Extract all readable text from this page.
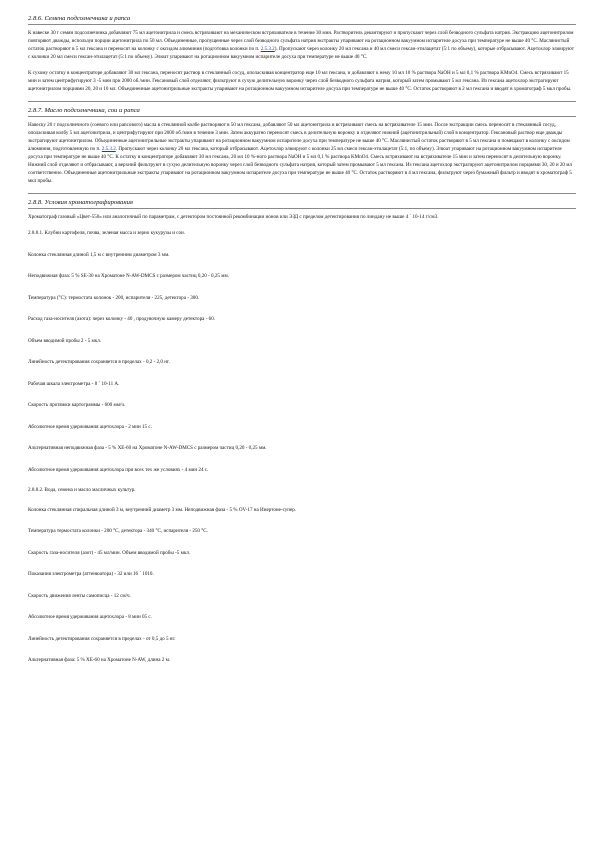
2.8.6. Семена подсолнечника и рапса

К навеске 30 г семян подсолнечника добавляют 75 мл ацетонитрила и смесь встряхивают на механическом встряхивателе в течение 30 мин. Растворитель декантируют и пропускают через слой безводного сульфата натрия. Экстракцию ацетонитрилом повторяют дважды, используя порции ацетонитрила по 50 мл. Объединенные, пропущенные через слой безводного сульфата натрия экстракты упаривают на ротационном вакуумном испарителе досуха при температуре не выше 40 °C. Маслянистый остаток растворяют в 5 мл гексана и переносят на колонку с оксидом алюминия (подготовка колонки по п. 2.5.3.2). Пропускают через колонку 20 мл гексана и 40 мл смеси гексан-этилацетат (5:1 по объему), которые отбрасывают. Ацетохлор элюируют с колонки 20 мл смеси гексан-этилацетат (5:1 по объему). Элюат упаривают на ротационном вакуумном испарителе досуха при температуре не выше 40 °C.

К сухому остатку в концентраторе добавляют 30 мл гексана, переносят раствор в стеклянный сосуд, ополаскивая концентратор еще 10 мл гексана, и добавляют к нему 10 мл 10 % раствора NaOH и 5 мл 0,1 % раствора KMnO4. Смесь встряхивают 15 мин и затем центрифугируют 3 -5 мин при 2000 об./мин. Гексановый слой отделяют, фильтруют в сухую делительную воронку через слой безводного сульфата натрия, который затем промывают 5 мл гексана. Из гексана ацетохлор экстрагируют ацетонитрилом порциями 20, 20 и 10 мл. Объединенные ацетонитрильные экстракты упаривают на ротационном вакуумном испарителе досуха при температуре не выше 40 °C. Остаток растворяют в 2 мл гексана и вводят в хроматограф 5 мкл пробы.

2.8.7. Масло подсолнечника, сои и рапса

Навеску 20 г подсолнечного (соевого или рапсового) масла в стеклянной колбе растворяют в 50 мл гексана, добавляют 50 мл ацетонитрила и встряхивают смесь на встряхивателе 15 мин. После экстракции смесь переносят в стеклянный сосуд, ополаскивая колбу 5 мл ацетонитрила, и центрифугируют при 2000 об./мин в течение 3 мин. Затем аккуратно переносят смесь в делительную воронку и отделяют нижний (ацетонитрильный) слой в концентратор. Гексановый раствор еще дважды экстрагируют ацетонитрилом. Объединенные ацетонитрильные экстракты упаривают на ротационном вакуумном испарителе досуха при температуре не выше 40 °C. Маслянистый остаток растворяют в 5 мл гексана и помещают в колонку с оксидом алюминия, подготовленную по п. 2.5.3.2. Пропускают через колонку 20 мл гексана, который отбрасывают. Ацетохлор элюируют с колонки 25 мл смеси гексан-этилацетат (5:1, по объему). Элюат упаривают на ротационном вакуумном испарителе досуха при температуре не выше 40 °C. К остатку в концентраторе добавляют 30 мл гексана, 20 мл 10 %-ного раствора NaOH и 5 мл 0,1 % раствора KMnO4. Смесь встряхивают на встряхивателе 15 мин и затем переносят в делительную воронку. Нижний слой отделяют и отбрасывают, а верхний фильтруют в сухую делительную воронку через слой безводного сульфата натрия, который затем промывают 5 мл гексана. Из гексана ацетохлор экстрагируют ацетонитрилом порциями 30, 20 и 20 мл соответственно. Объединенные ацетонитрильные экстракты упаривают на ротационном вакуумном испарителе досуха при температуре не выше 40 °C. Остаток растворяют в 4 мл гексана, фильтруют через бумажный фильтр и вводят в хроматограф 5 мкл пробы.

2.8.8. Условия хроматографирования

Хроматограф газовый «Цвет-550» или аналогичный по параметрам, с детектором постоянной рекомбинации ионов или ЭЗД с пределом детектирования по линдану не выше 4 ´ 10-14 г/см3.

2.8.8.1. Клубни картофеля, почва, зеленая масса и зерно кукурузы и сои.

Колонка стеклянная длиной 1,5 м с внутренним диаметром 3 мм.

Неподвижная фаза: 5 % SE-30 на Хроматоне N-AW-DMCS с размером частиц 0,20 - 0,25 мм.

Температура (°C): термостата колонок - 200, испарителя - 225, детектора - 300.

Расход газа-носителя (азота): через колонку - 40 , продувочную камеру детектора - 60.

Объем вводимой пробы 2 - 5 мкл.

Линейность детектирования сохраняется в пределах - 0,2 - 2,0 нг.

Рабочая шкала электрометра - 8 ´ 10-11 А.

Скорость протяжки картограммы - 600 мм/ч.

Абсолютное время удерживания ацетохлора - 2 мин 15 с.

Альтернативная неподвижная фаза - 5 % ХЕ-60 на Хроматоне N-AW-DMCS с размером частиц 0,20 - 0,25 мм.

Абсолютное время удерживания ацетохлора при всех тех же условиях - 4 мин 24 с.

2.8.8.2. Вода, семена и масло масличных культур.

Колонка стеклянная спиральная длиной 3 м, внутренний диаметр 3 мм. Неподвижная фаза - 5 % OV-17 на Инертоне-супер.

Температура термостата колонки - 200 °C, детектора - 340 °C, испарителя - 250 °C.

Скорость газа-носителя (азот) - 45 мл/мин. Объем вводимой пробы -5 мкл.

Показания электрометра (аттенюатора) - 32 или 16 ´ 1010.

Скорость движения ленты самописца - 12 см/ч.

Абсолютное время удерживания ацетохлора - 8 мин 05 с.

Линейность детектирования сохраняется в пределах - от 0,5 до 5 нг.

Альтернативная фаза: 5 % ХЕ-60 на Хроматоне N-AW, длина 2 м.
